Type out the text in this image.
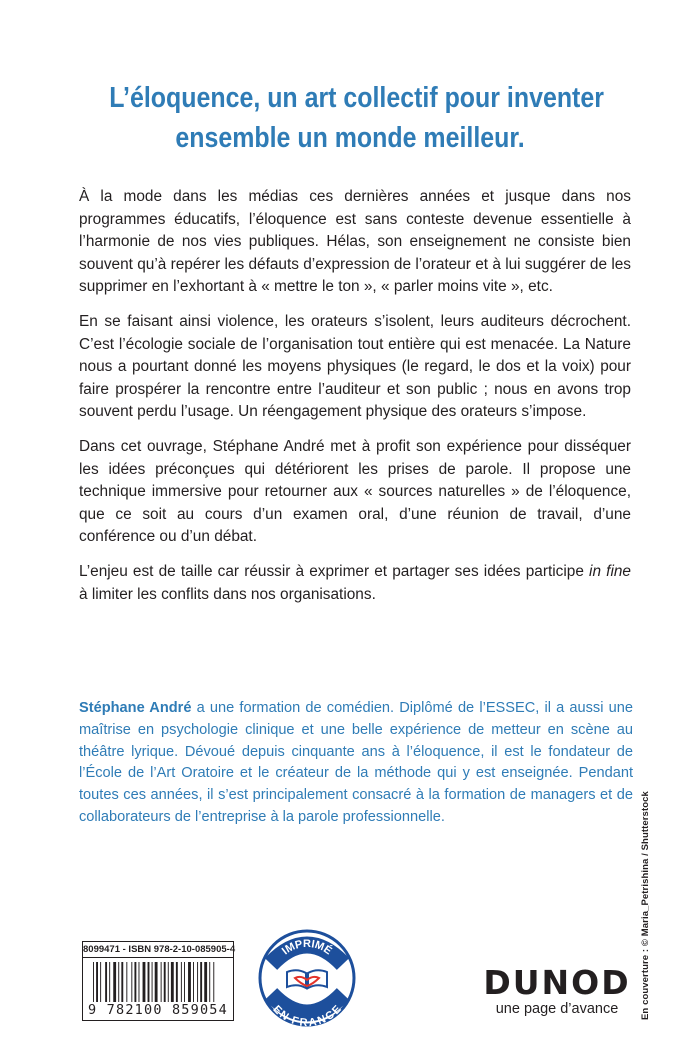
L’éloquence, un art collectif pour inventer
ensemble un monde meilleur.

À la mode dans les médias ces dernières années et jusque dans nos programmes éducatifs, l’éloquence est sans conteste devenue essentielle à l’harmonie de nos vies publiques. Hélas, son enseignement ne consiste bien souvent qu’à repérer les défauts d’expression de l’orateur et à lui suggérer de les supprimer en l’exhortant à « mettre le ton », « parler moins vite », etc.

En se faisant ainsi violence, les orateurs s’isolent, leurs auditeurs décrochent. C’est l’écologie sociale de l’organisation tout entière qui est menacée. La Nature nous a pourtant donné les moyens physiques (le regard, le dos et la voix) pour faire prospérer la rencontre entre l’auditeur et son public ; nous en avons trop souvent perdu l’usage. Un réengagement physique des orateurs s’impose.

Dans cet ouvrage, Stéphane André met à profit son expérience pour disséquer les idées préconçues qui détériorent les prises de parole. Il propose une technique immersive pour retourner aux « sources naturelles » de l’éloquence, que ce soit au cours d’un examen oral, d’une réunion de travail, d’une conférence ou d’un débat.

L’enjeu est de taille car réussir à exprimer et partager ses idées participe in fine à limiter les conflits dans nos organisations.

Stéphane André a une formation de comédien. Diplômé de l’ESSEC, il a aussi une maîtrise en psychologie clinique et une belle expérience de metteur en scène au théâtre lyrique. Dévoué depuis cinquante ans à l’éloquence, il est le fondateur de l’École de l’Art Oratoire et le créateur de la méthode qui y est enseignée. Pendant toutes ces années, il s’est principalement consacré à la formation de managers et de collaborateurs de l’entreprise à la parole professionnelle.	En couverture : © Maria_Petrishina / Shutterstock
8099471 - ISBN 978-2-10-085905-4
9 782100 859054
IMPRIMÉ
EN FRANCE
DUNOD
une page d’avance
